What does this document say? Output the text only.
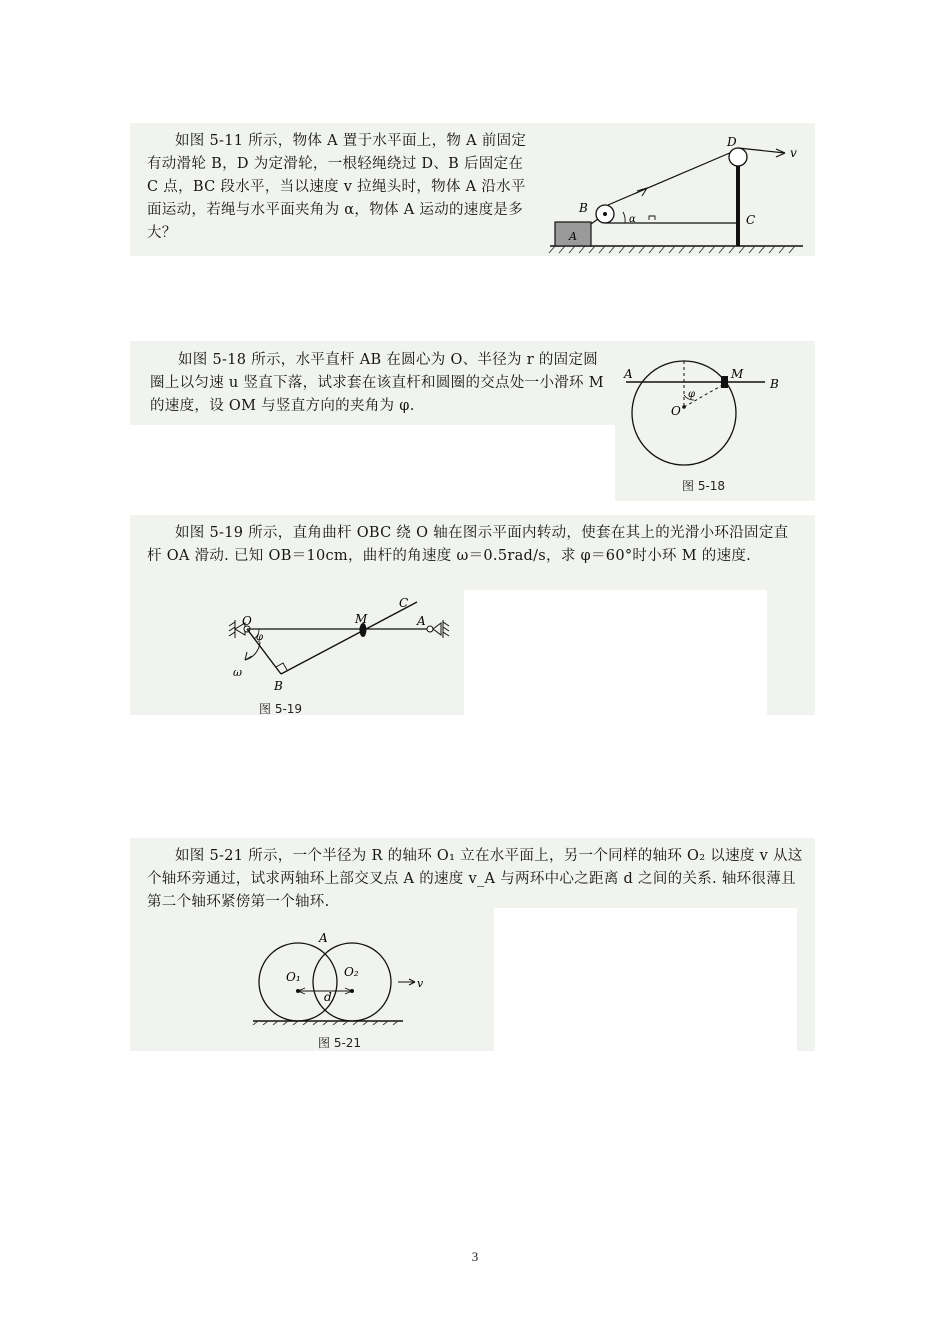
如图 5-11 所示，物体 A 置于水平面上，物 A 前固定有动滑轮 B，D 为定滑轮，一根轻绳绕过 D、B 后固定在 C 点，BC 段水平，当以速度 v 拉绳头时，物体 A 沿水平面运动，若绳与水平面夹角为 α，物体 A 运动的速度是多大？	A
B
α
D
v
C
如图 5-18 所示，水平直杆 AB 在圆心为 O、半径为 r 的固定圆圈上以匀速 u 竖直下落，试求套在该直杆和圆圈的交点处一小滑环 M 的速度，设 OM 与竖直方向的夹角为 φ.
A	M
B
O
φ
图 5-18
如图 5-19 所示，直角曲杆 OBC 绕 O 轴在图示平面内转动，使套在其上的光滑小环沿固定直杆 OA 滑动. 已知 OB＝10cm，曲杆的角速度 ω＝0.5rad/s，求 φ＝60°时小环 M 的速度.
O
φ
M
C
A
ω
B
图 5-19
如图 5-21 所示，一个半径为 R 的轴环 O₁ 立在水平面上，另一个同样的轴环 O₂ 以速度 v 从这个轴环旁通过，试求两轴环上部交叉点 A 的速度 v_A 与两环中心之距离 d 之间的关系. 轴环很薄且第二个轴环紧傍第一个轴环.
A
O₁	O₂
d
v
图 5-21
3
